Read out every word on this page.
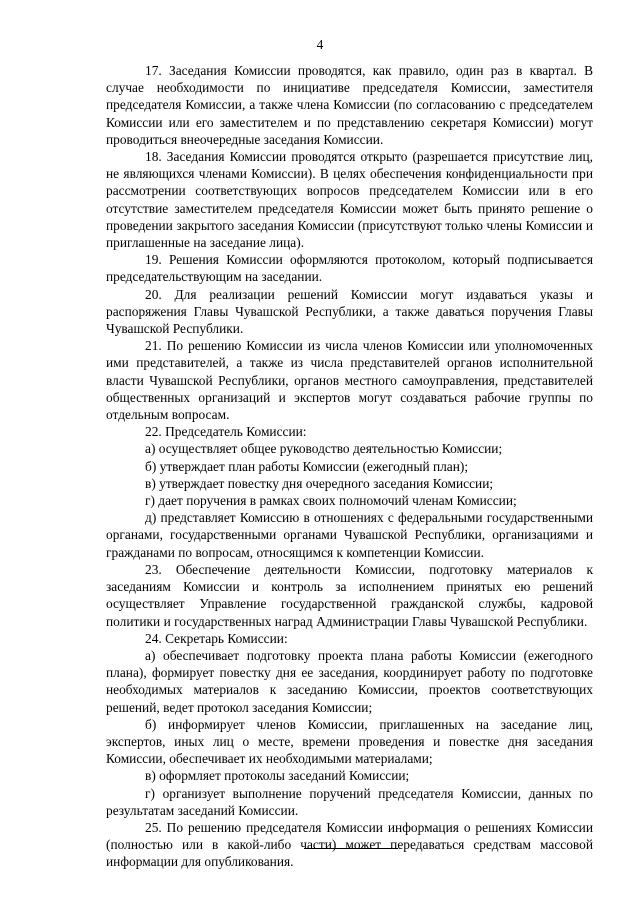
4

17. Заседания Комиссии проводятся, как правило, один раз в квартал. В случае необходимости по инициативе председателя Комиссии, заместителя председателя Комиссии, а также члена Комиссии (по согласованию с председателем Комиссии или его заместителем и по представлению секретаря Комиссии) могут проводиться внеочередные заседания Комиссии.

18. Заседания Комиссии проводятся открыто (разрешается присутствие лиц, не являющихся членами Комиссии). В целях обеспечения конфиденциальности при рассмотрении соответствующих вопросов председателем Комиссии или в его отсутствие заместителем председателя Комиссии может быть принято решение о проведении закрытого заседания Комиссии (присутствуют только члены Комиссии и приглашенные на заседание лица).

19. Решения Комиссии оформляются протоколом, который подписывается председательствующим на заседании.

20. Для реализации решений Комиссии могут издаваться указы и распоряжения Главы Чувашской Республики, а также даваться поручения Главы Чувашской Республики.

21. По решению Комиссии из числа членов Комиссии или уполномоченных ими представителей, а также из числа представителей органов исполнительной власти Чувашской Республики, органов местного самоуправления, представителей общественных организаций и экспертов могут создаваться рабочие группы по отдельным вопросам.

22. Председатель Комиссии:

а) осуществляет общее руководство деятельностью Комиссии;

б) утверждает план работы Комиссии (ежегодный план);

в) утверждает повестку дня очередного заседания Комиссии;

г) дает поручения в рамках своих полномочий членам Комиссии;

д) представляет Комиссию в отношениях с федеральными государственными органами, государственными органами Чувашской Республики, организациями и гражданами по вопросам, относящимся к компетенции Комиссии.

23. Обеспечение деятельности Комиссии, подготовку материалов к заседаниям Комиссии и контроль за исполнением принятых ею решений осуществляет Управление государственной гражданской службы, кадровой политики и государственных наград Администрации Главы Чувашской Республики.

24. Секретарь Комиссии:

а) обеспечивает подготовку проекта плана работы Комиссии (ежегодного плана), формирует повестку дня ее заседания, координирует работу по подготовке необходимых материалов к заседанию Комиссии, проектов соответствующих решений, ведет протокол заседания Комиссии;

б) информирует членов Комиссии, приглашенных на заседание лиц, экспертов, иных лиц о месте, времени проведения и повестке дня заседания Комиссии, обеспечивает их необходимыми материалами;

в) оформляет протоколы заседаний Комиссии;

г) организует выполнение поручений председателя Комиссии, данных по результатам заседаний Комиссии.

25. По решению председателя Комиссии информация о решениях Комиссии (полностью или в какой-либо части) может передаваться средствам массовой информации для опубликования.
